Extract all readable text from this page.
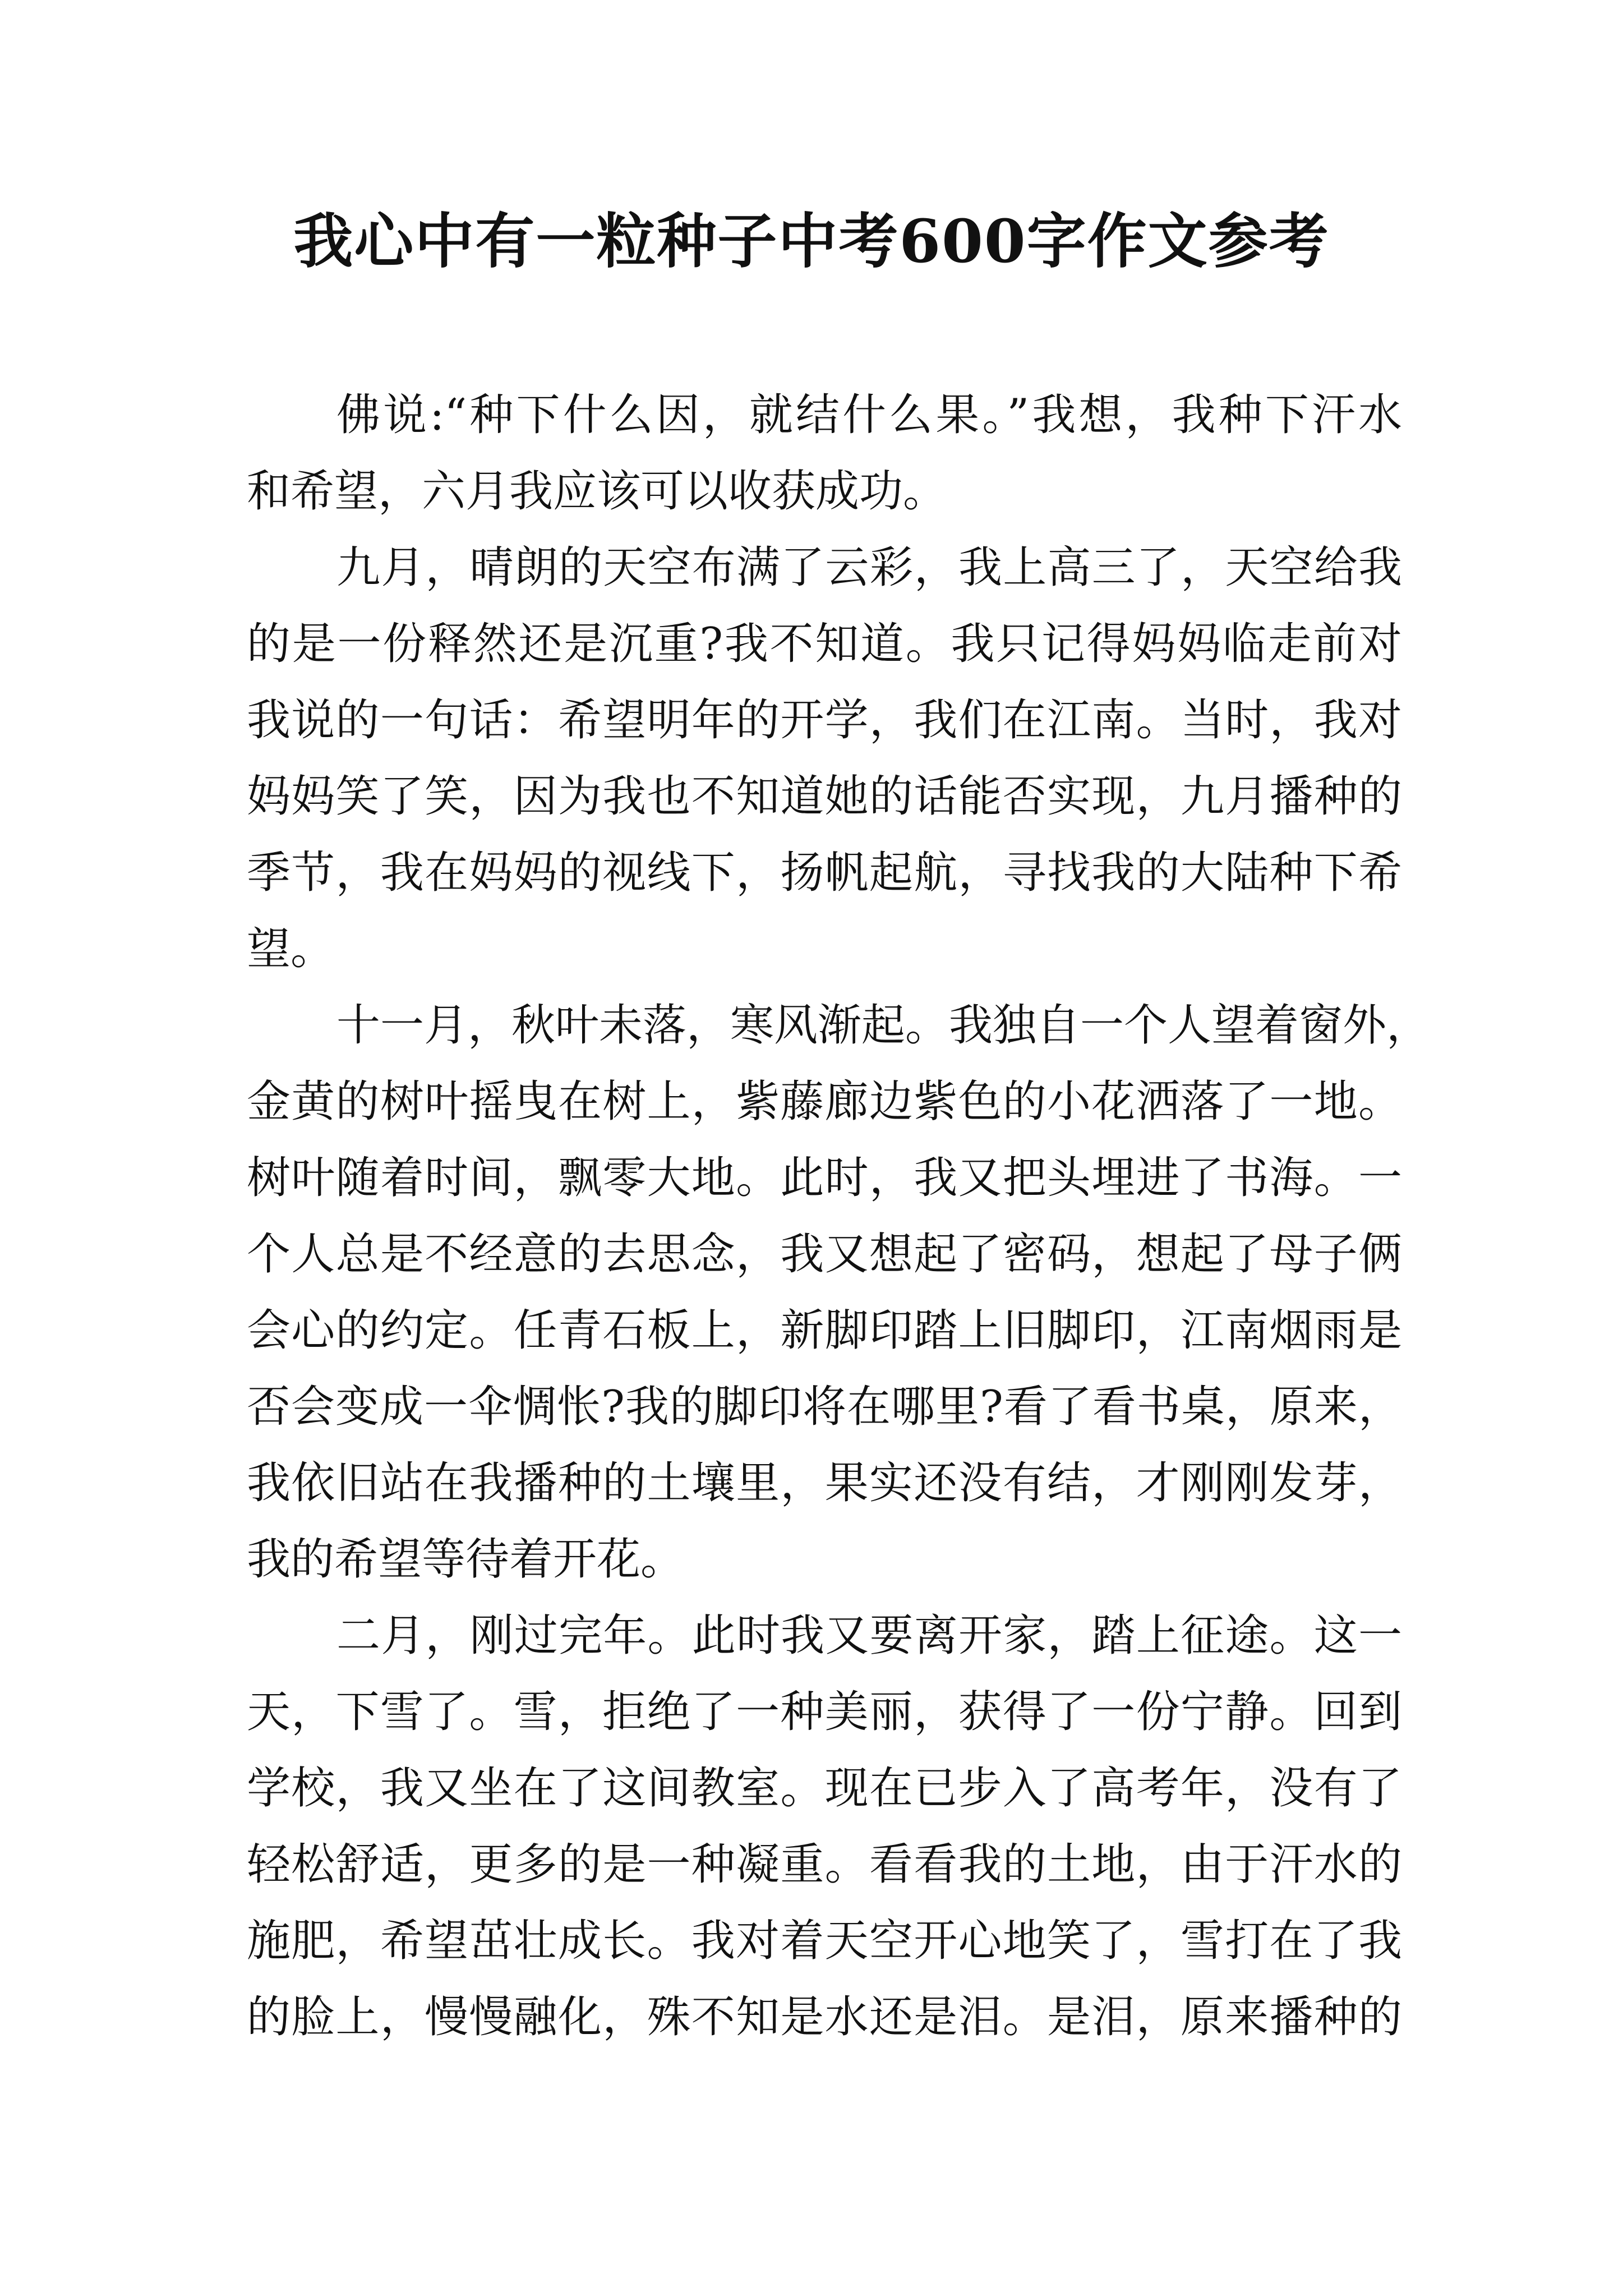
我心中有一粒种子中考600字作文参考
佛说:“种下什么因，就结什么果。”我想，我种下汗水
和希望，六月我应该可以收获成功。
九月，晴朗的天空布满了云彩，我上高三了，天空给我
的是一份释然还是沉重?我不知道。我只记得妈妈临走前对
我说的一句话：希望明年的开学，我们在江南。当时，我对
妈妈笑了笑，因为我也不知道她的话能否实现，九月播种的
季节，我在妈妈的视线下，扬帆起航，寻找我的大陆种下希
望。
十一月，秋叶未落，寒风渐起。我独自一个人望着窗外，
金黄的树叶摇曳在树上，紫藤廊边紫色的小花洒落了一地。
树叶随着时间，飘零大地。此时，我又把头埋进了书海。一
个人总是不经意的去思念，我又想起了密码，想起了母子俩
会心的约定。任青石板上，新脚印踏上旧脚印，江南烟雨是
否会变成一伞惆怅?我的脚印将在哪里?看了看书桌，原来，
我依旧站在我播种的土壤里，果实还没有结，才刚刚发芽，
我的希望等待着开花。
二月，刚过完年。此时我又要离开家，踏上征途。这一
天，下雪了。雪，拒绝了一种美丽，获得了一份宁静。回到
学校，我又坐在了这间教室。现在已步入了高考年，没有了
轻松舒适，更多的是一种凝重。看看我的土地，由于汗水的
施肥，希望茁壮成长。我对着天空开心地笑了，雪打在了我
的脸上，慢慢融化，殊不知是水还是泪。是泪，原来播种的
